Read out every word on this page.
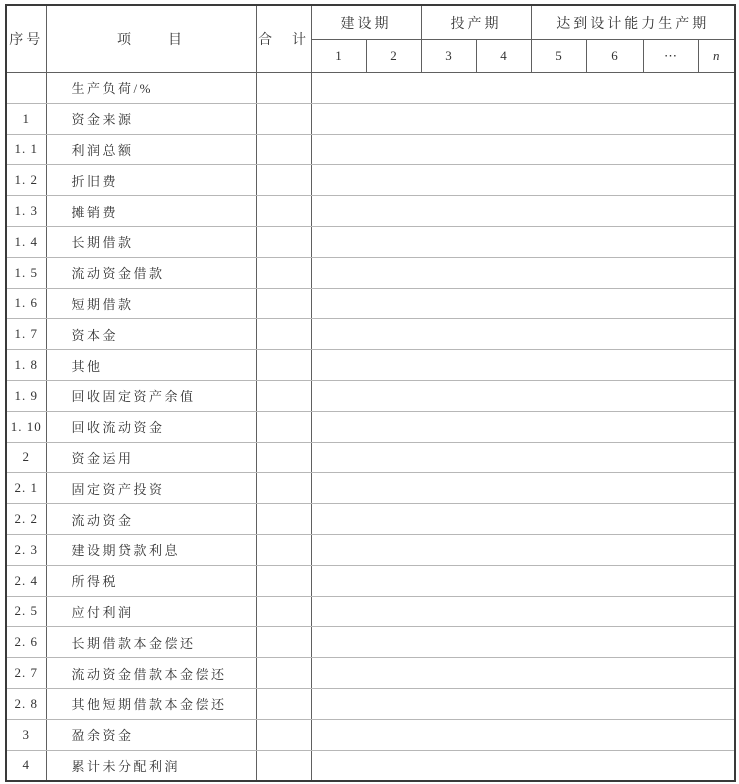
序号	项　　目	合　计	建设期		投产期		达到设计能力生产期			
			1	2	3	4	5	6	⋯	n
	生产负荷/%									
1	资金来源									
1. 1	利润总额									
1. 2	折旧费									
1. 3	摊销费									
1. 4	长期借款									
1. 5	流动资金借款									
1. 6	短期借款									
1. 7	资本金									
1. 8	其他									
1. 9	回收固定资产余值									
1. 10	回收流动资金									
2	资金运用									
2. 1	固定资产投资									
2. 2	流动资金									
2. 3	建设期贷款利息									
2. 4	所得税									
2. 5	应付利润									
2. 6	长期借款本金偿还									
2. 7	流动资金借款本金偿还									
2. 8	其他短期借款本金偿还									
3	盈余资金									
4	累计未分配利润									
